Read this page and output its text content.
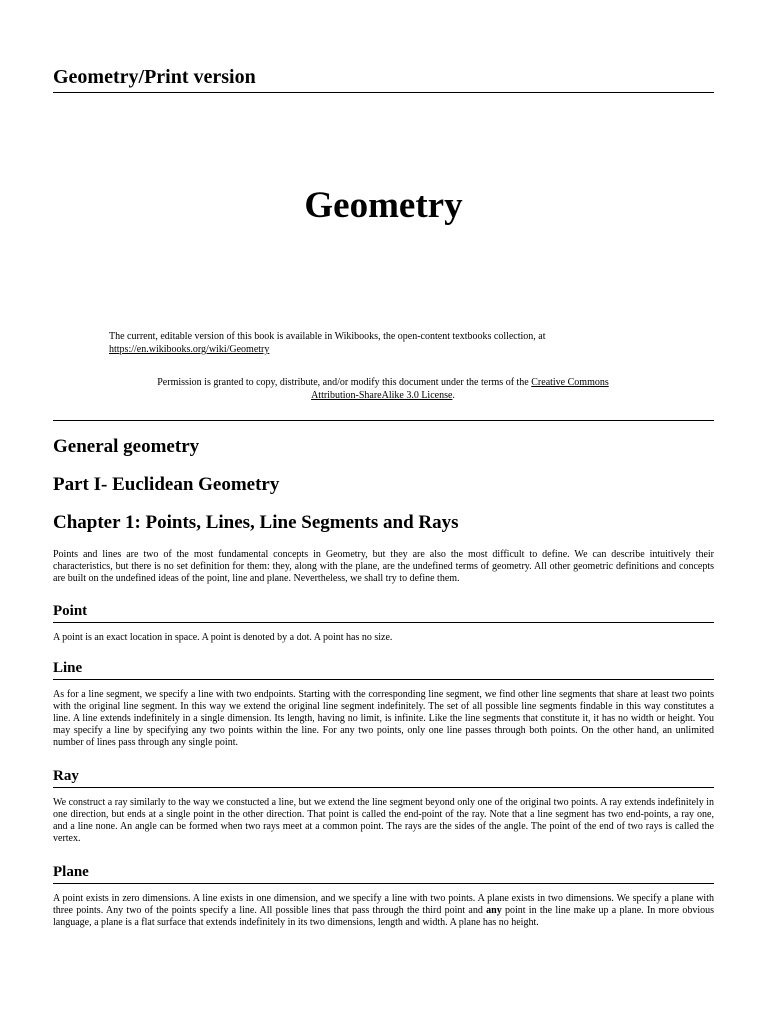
Geometry/Print version
Geometry
The current, editable version of this book is available in Wikibooks, the open-content textbooks collection, at
https://en.wikibooks.org/wiki/Geometry
Permission is granted to copy, distribute, and/or modify this document under the terms of the Creative Commons Attribution-ShareAlike 3.0 License.
General geometry
Part I- Euclidean Geometry
Chapter 1: Points, Lines, Line Segments and Rays

Points and lines are two of the most fundamental concepts in Geometry, but they are also the most difficult to define. We can describe intuitively their characteristics, but there is no set definition for them: they, along with the plane, are the undefined terms of geometry. All other geometric definitions and concepts are built on the undefined ideas of the point, line and plane. Nevertheless, we shall try to define them.

Point

A point is an exact location in space. A point is denoted by a dot. A point has no size.

Line

As for a line segment, we specify a line with two endpoints. Starting with the corresponding line segment, we find other line segments that share at least two points with the original line segment. In this way we extend the original line segment indefinitely. The set of all possible line segments findable in this way constitutes a line. A line extends indefinitely in a single dimension. Its length, having no limit, is infinite. Like the line segments that constitute it, it has no width or height. You may specify a line by specifying any two points within the line. For any two points, only one line passes through both points. On the other hand, an unlimited number of lines pass through any single point.

Ray

We construct a ray similarly to the way we constucted a line, but we extend the line segment beyond only one of the original two points. A ray extends indefinitely in one direction, but ends at a single point in the other direction. That point is called the end-point of the ray. Note that a line segment has two end-points, a ray one, and a line none. An angle can be formed when two rays meet at a common point. The rays are the sides of the angle. The point of the end of two rays is called the vertex.

Plane

A point exists in zero dimensions. A line exists in one dimension, and we specify a line with two points. A plane exists in two dimensions. We specify a plane with three points. Any two of the points specify a line. All possible lines that pass through the third point and any point in the line make up a plane. In more obvious language, a plane is a flat surface that extends indefinitely in its two dimensions, length and width. A plane has no height.
